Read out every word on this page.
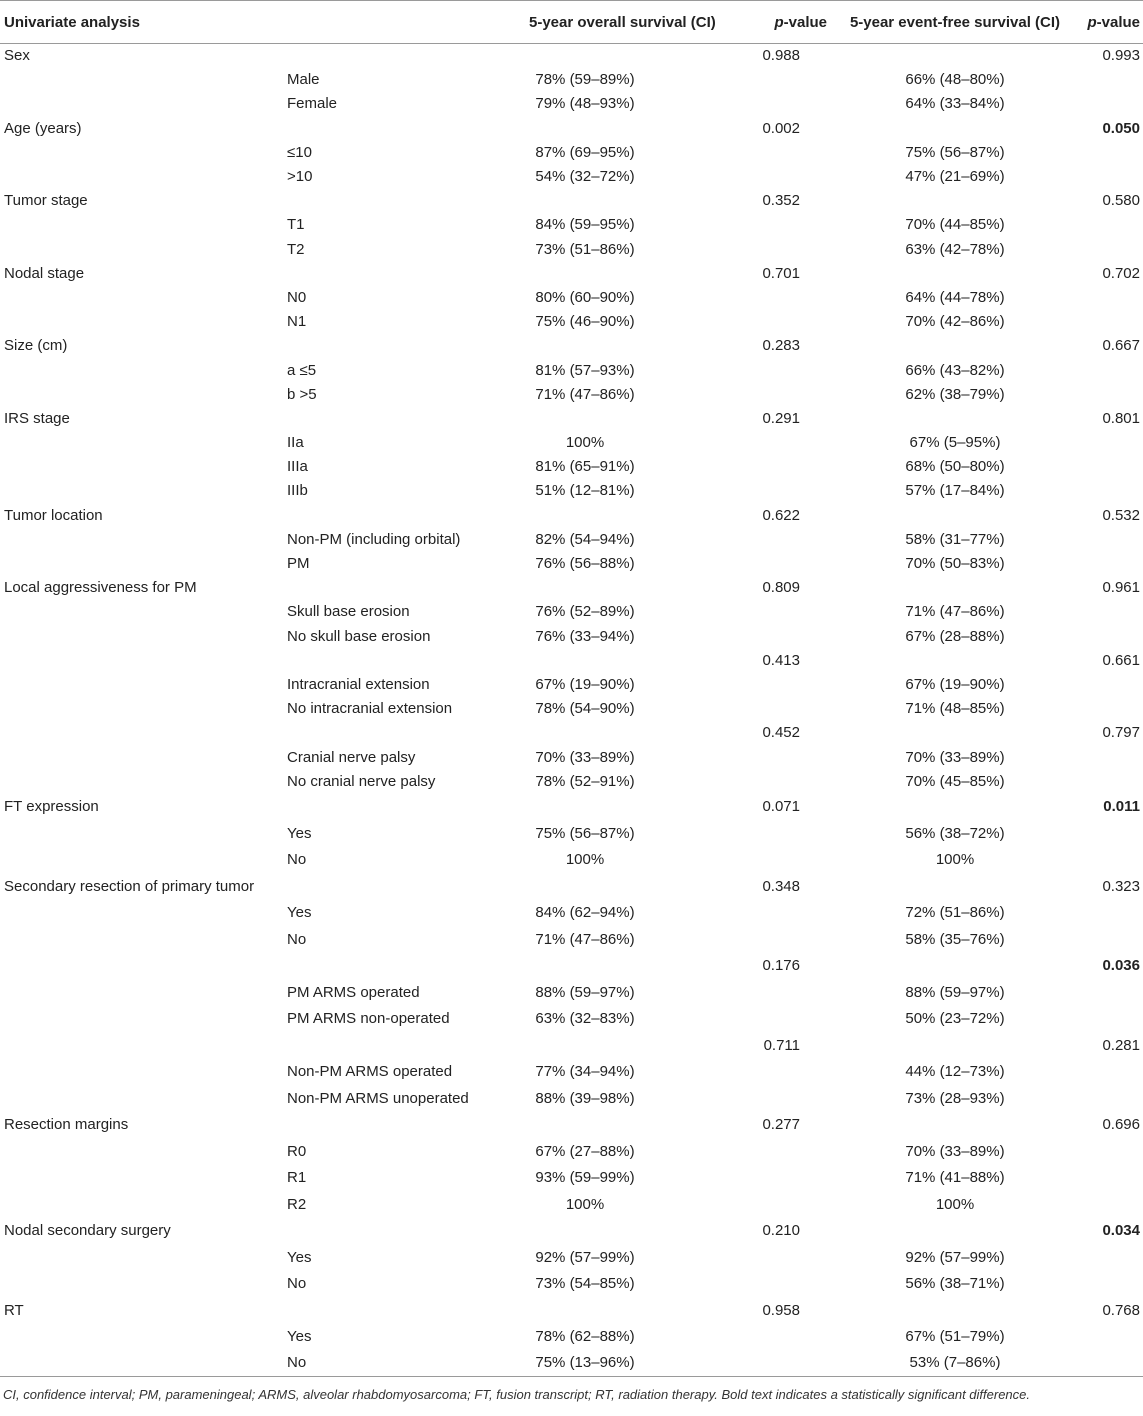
Univariate analysis		5-year overall survival (CI)	p-value	5-year event-free survival (CI)	p-value
Sex			0.988		0.993
	Male	78% (59–89%)		66% (48–80%)	
	Female	79% (48–93%)		64% (33–84%)	
Age (years)			0.002		0.050
	≤10	87% (69–95%)		75% (56–87%)	
	>10	54% (32–72%)		47% (21–69%)	
Tumor stage			0.352		0.580
	T1	84% (59–95%)		70% (44–85%)	
	T2	73% (51–86%)		63% (42–78%)	
Nodal stage			0.701		0.702
	N0	80% (60–90%)		64% (44–78%)	
	N1	75% (46–90%)		70% (42–86%)	
Size (cm)			0.283		0.667
	a ≤5	81% (57–93%)		66% (43–82%)	
	b >5	71% (47–86%)		62% (38–79%)	
IRS stage			0.291		0.801
	IIa	100%		67% (5–95%)	
	IIIa	81% (65–91%)		68% (50–80%)	
	IIIb	51% (12–81%)		57% (17–84%)	
Tumor location			0.622		0.532
	Non-PM (including orbital)	82% (54–94%)		58% (31–77%)	
	PM	76% (56–88%)		70% (50–83%)	
Local aggressiveness for PM			0.809		0.961
	Skull base erosion	76% (52–89%)		71% (47–86%)	
	No skull base erosion	76% (33–94%)		67% (28–88%)	
			0.413		0.661
	Intracranial extension	67% (19–90%)		67% (19–90%)	
	No intracranial extension	78% (54–90%)		71% (48–85%)	
			0.452		0.797
	Cranial nerve palsy	70% (33–89%)		70% (33–89%)	
	No cranial nerve palsy	78% (52–91%)		70% (45–85%)	
FT expression			0.071		0.011
	Yes	75% (56–87%)		56% (38–72%)	
	No	100%		100%	
Secondary resection of primary tumor			0.348		0.323
	Yes	84% (62–94%)		72% (51–86%)	
	No	71% (47–86%)		58% (35–76%)	
			0.176		0.036
	PM ARMS operated	88% (59–97%)		88% (59–97%)	
	PM ARMS non-operated	63% (32–83%)		50% (23–72%)	
			0.711		0.281
	Non-PM ARMS operated	77% (34–94%)		44% (12–73%)	
	Non-PM ARMS unoperated	88% (39–98%)		73% (28–93%)	
Resection margins			0.277		0.696
	R0	67% (27–88%)		70% (33–89%)	
	R1	93% (59–99%)		71% (41–88%)	
	R2	100%		100%	
Nodal secondary surgery			0.210		0.034
	Yes	92% (57–99%)		92% (57–99%)	
	No	73% (54–85%)		56% (38–71%)	
RT			0.958		0.768
	Yes	78% (62–88%)		67% (51–79%)	
	No	75% (13–96%)		53% (7–86%)	
CI, confidence interval; PM, parameningeal; ARMS, alveolar rhabdomyosarcoma; FT, fusion transcript; RT, radiation therapy. Bold text indicates a statistically significant difference.
